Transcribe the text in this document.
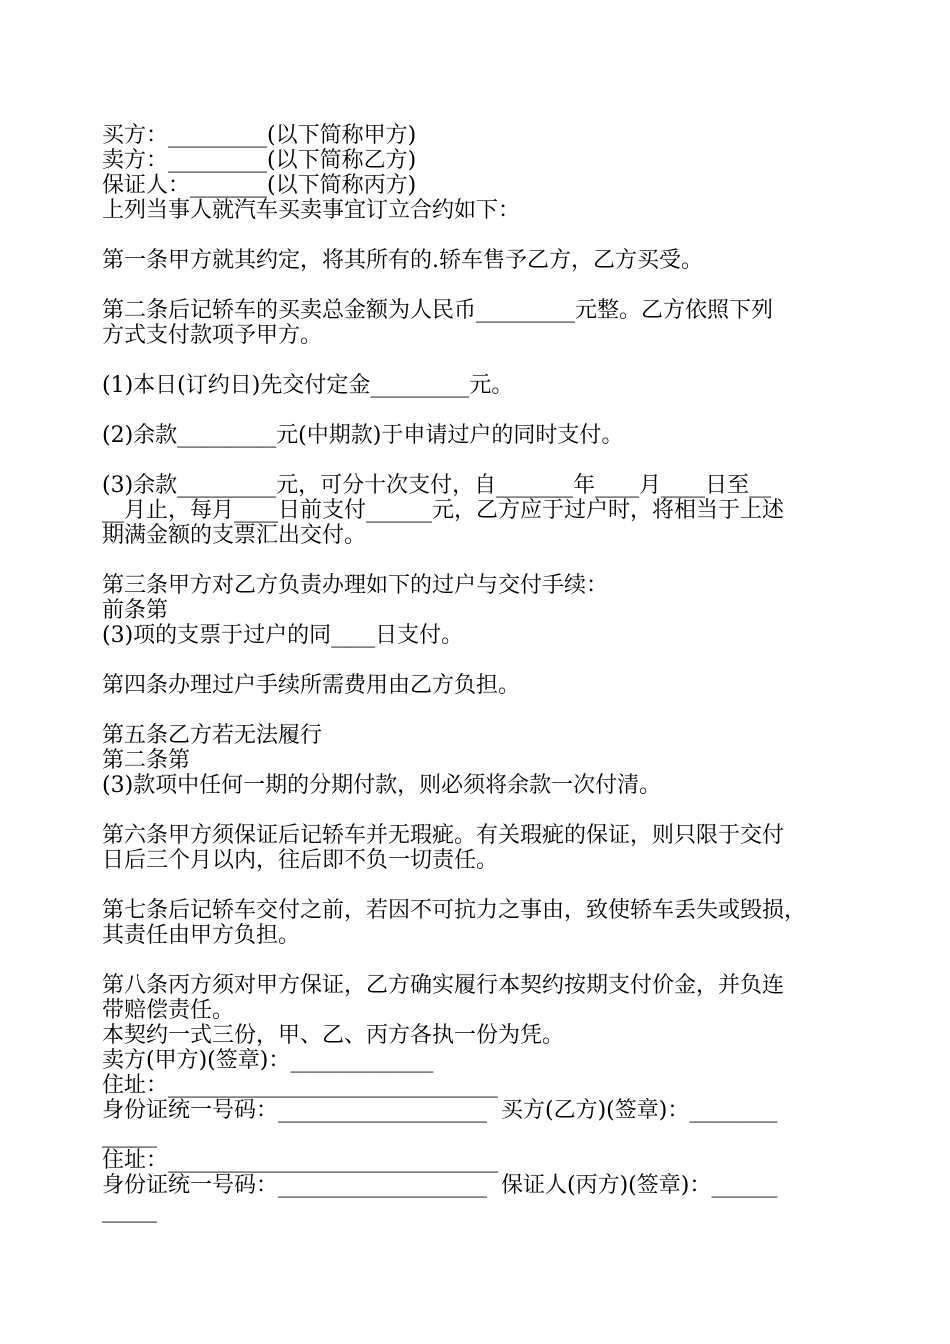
买方：_________(以下简称甲方)

卖方：_________(以下简称乙方)

保证人：_______(以下简称丙方)

上列当事人就汽车买卖事宜订立合约如下：

第一条甲方就其约定，将其所有的.轿车售予乙方，乙方买受。

第二条后记轿车的买卖总金额为人民币_________元整。乙方依照下列

方式支付款项予甲方。

(1)本日(订约日)先交付定金_________元。

(2)余款_________元(中期款)于申请过户的同时支付。

(3)余款_________元，可分十次支付，自_______年____月____日至__

__月止，每月____日前支付______元，乙方应于过户时，将相当于上述

期满金额的支票汇出交付。

第三条甲方对乙方负责办理如下的过户与交付手续：

前条第

(3)项的支票于过户的同____日支付。

第四条办理过户手续所需费用由乙方负担。

第五条乙方若无法履行

第二条第

(3)款项中任何一期的分期付款，则必须将余款一次付清。

第六条甲方须保证后记轿车并无瑕疵。有关瑕疵的保证，则只限于交付

日后三个月以内，往后即不负一切责任。

第七条后记轿车交付之前，若因不可抗力之事由，致使轿车丢失或毁损，

其责任由甲方负担。

第八条丙方须对甲方保证，乙方确实履行本契约按期支付价金，并负连

带赔偿责任。

本契约一式三份，甲、乙、丙方各执一份为凭。

卖方(甲方)(签章)：_____________

住址：______________________________

身份证统一号码：___________________  买方(乙方)(签章)：________

_____

住址：______________________________

身份证统一号码：___________________  保证人(丙方)(签章)：______

_____
